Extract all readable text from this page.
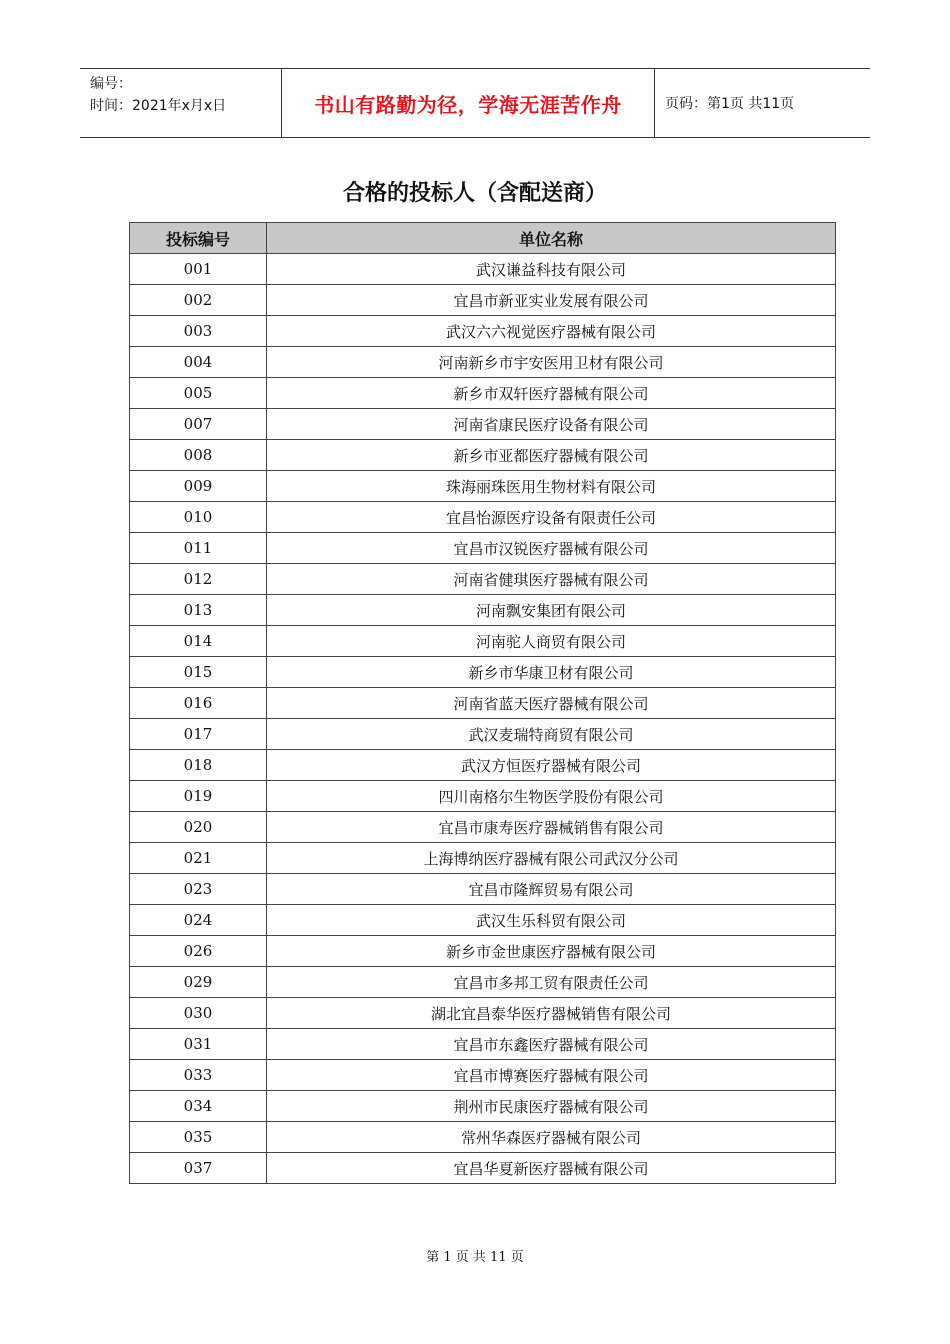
编号：
时间：2021年x月x日	书山有路勤为径，学海无涯苦作舟	页码：第1页 共11页
合格的投标人（含配送商）
投标编号	单位名称
001	武汉谦益科技有限公司
002	宜昌市新亚实业发展有限公司
003	武汉六六视觉医疗器械有限公司
004	河南新乡市宇安医用卫材有限公司
005	新乡市双轩医疗器械有限公司
007	河南省康民医疗设备有限公司
008	新乡市亚都医疗器械有限公司
009	珠海丽珠医用生物材料有限公司
010	宜昌怡源医疗设备有限责任公司
011	宜昌市汉锐医疗器械有限公司
012	河南省健琪医疗器械有限公司
013	河南飘安集团有限公司
014	河南驼人商贸有限公司
015	新乡市华康卫材有限公司
016	河南省蓝天医疗器械有限公司
017	武汉麦瑞特商贸有限公司
018	武汉方恒医疗器械有限公司
019	四川南格尔生物医学股份有限公司
020	宜昌市康寿医疗器械销售有限公司
021	上海博纳医疗器械有限公司武汉分公司
023	宜昌市隆辉贸易有限公司
024	武汉生乐科贸有限公司
026	新乡市金世康医疗器械有限公司
029	宜昌市多邦工贸有限责任公司
030	湖北宜昌泰华医疗器械销售有限公司
031	宜昌市东鑫医疗器械有限公司
033	宜昌市博赛医疗器械有限公司
034	荆州市民康医疗器械有限公司
035	常州华森医疗器械有限公司
037	宜昌华夏新医疗器械有限公司
第 1 页 共 11 页
